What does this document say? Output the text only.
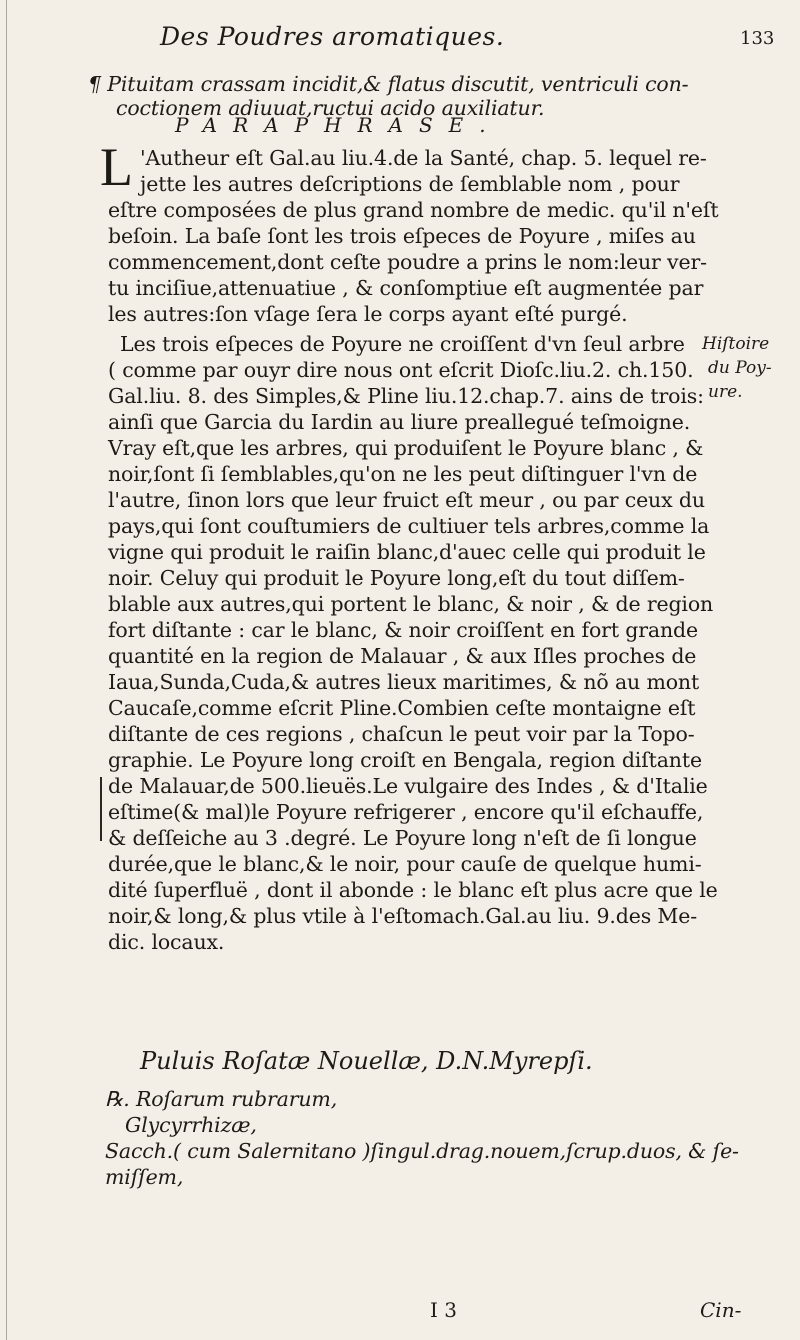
Des Poudres aromatiques.	133
¶ Pituitam crassam incidit,& flatus discutit, ventriculi con-
coctionem adiuuat,ructui acido auxiliatur.
PARAPHRASE.
L 'Autheur eſt Gal.au liu.4.de la Santé, chap. 5. lequel re-
jette les autres deſcriptions de ſemblable nom , pour
eſtre composées de plus grand nombre de medic. qu'il n'eſt
beſoin. La baſe ſont les trois eſpeces de Poyure , miſes au
commencement,dont ceſte poudre a prins le nom:leur ver-
tu inciſiue,attenuatiue , & conſomptiue eſt augmentée par
les autres:ſon vſage ſera le corps ayant eſté purgé.
Les trois eſpeces de Poyure ne croiſſent d'vn ſeul arbre
( comme par ouyr dire nous ont eſcrit Dioſc.liu.2. ch.150.
Gal.liu. 8. des Simples,& Pline liu.12.chap.7. ains de trois:
ainſi que Garcia du Iardin au liure preallegué teſmoigne.
Vray eſt,que les arbres, qui produiſent le Poyure blanc , &
noir,ſont ſi ſemblables,qu'on ne les peut diſtinguer l'vn de
l'autre, ſinon lors que leur fruict eſt meur , ou par ceux du
pays,qui ſont couſtumiers de cultiuer tels arbres,comme la
vigne qui produit le raiſin blanc,d'auec celle qui produit le
noir. Celuy qui produit le Poyure long,eſt du tout diſſem-
blable aux autres,qui portent le blanc, & noir , & de region
fort diſtante : car le blanc, & noir croiſſent en fort grande
quantité en la region de Malauar , & aux Iſles proches de
Iaua,Sunda,Cuda,& autres lieux maritimes, & nõ au mont
Caucaſe,comme eſcrit Pline.Combien ceſte montaigne eſt
diſtante de ces regions , chaſcun le peut voir par la Topo-
graphie. Le Poyure long croiſt en Bengala, region diſtante
de Malauar,de 500.lieuës.Le vulgaire des Indes , & d'Italie
eſtime(& mal)le Poyure refrigerer , encore qu'il eſchauffe,
& deſſeiche au 3 .degré. Le Poyure long n'eſt de ſi longue
durée,que le blanc,& le noir, pour cauſe de quelque humi-
dité ſuperfluë , dont il abonde : le blanc eſt plus acre que le
noir,& long,& plus vtile à l'eſtomach.Gal.au liu. 9.des Me-
dic. locaux.
Hiſtoire
du Poy-
ure.
Puluis Roſatæ Nouellæ, D.N.Myrepſi.
℞. Roſarum rubrarum,
Glycyrrhizæ,
Sacch.( cum Salernitano )ſingul.drag.nouem,ſcrup.duos, & ſe-
miſſem,
I 3	Cin-
